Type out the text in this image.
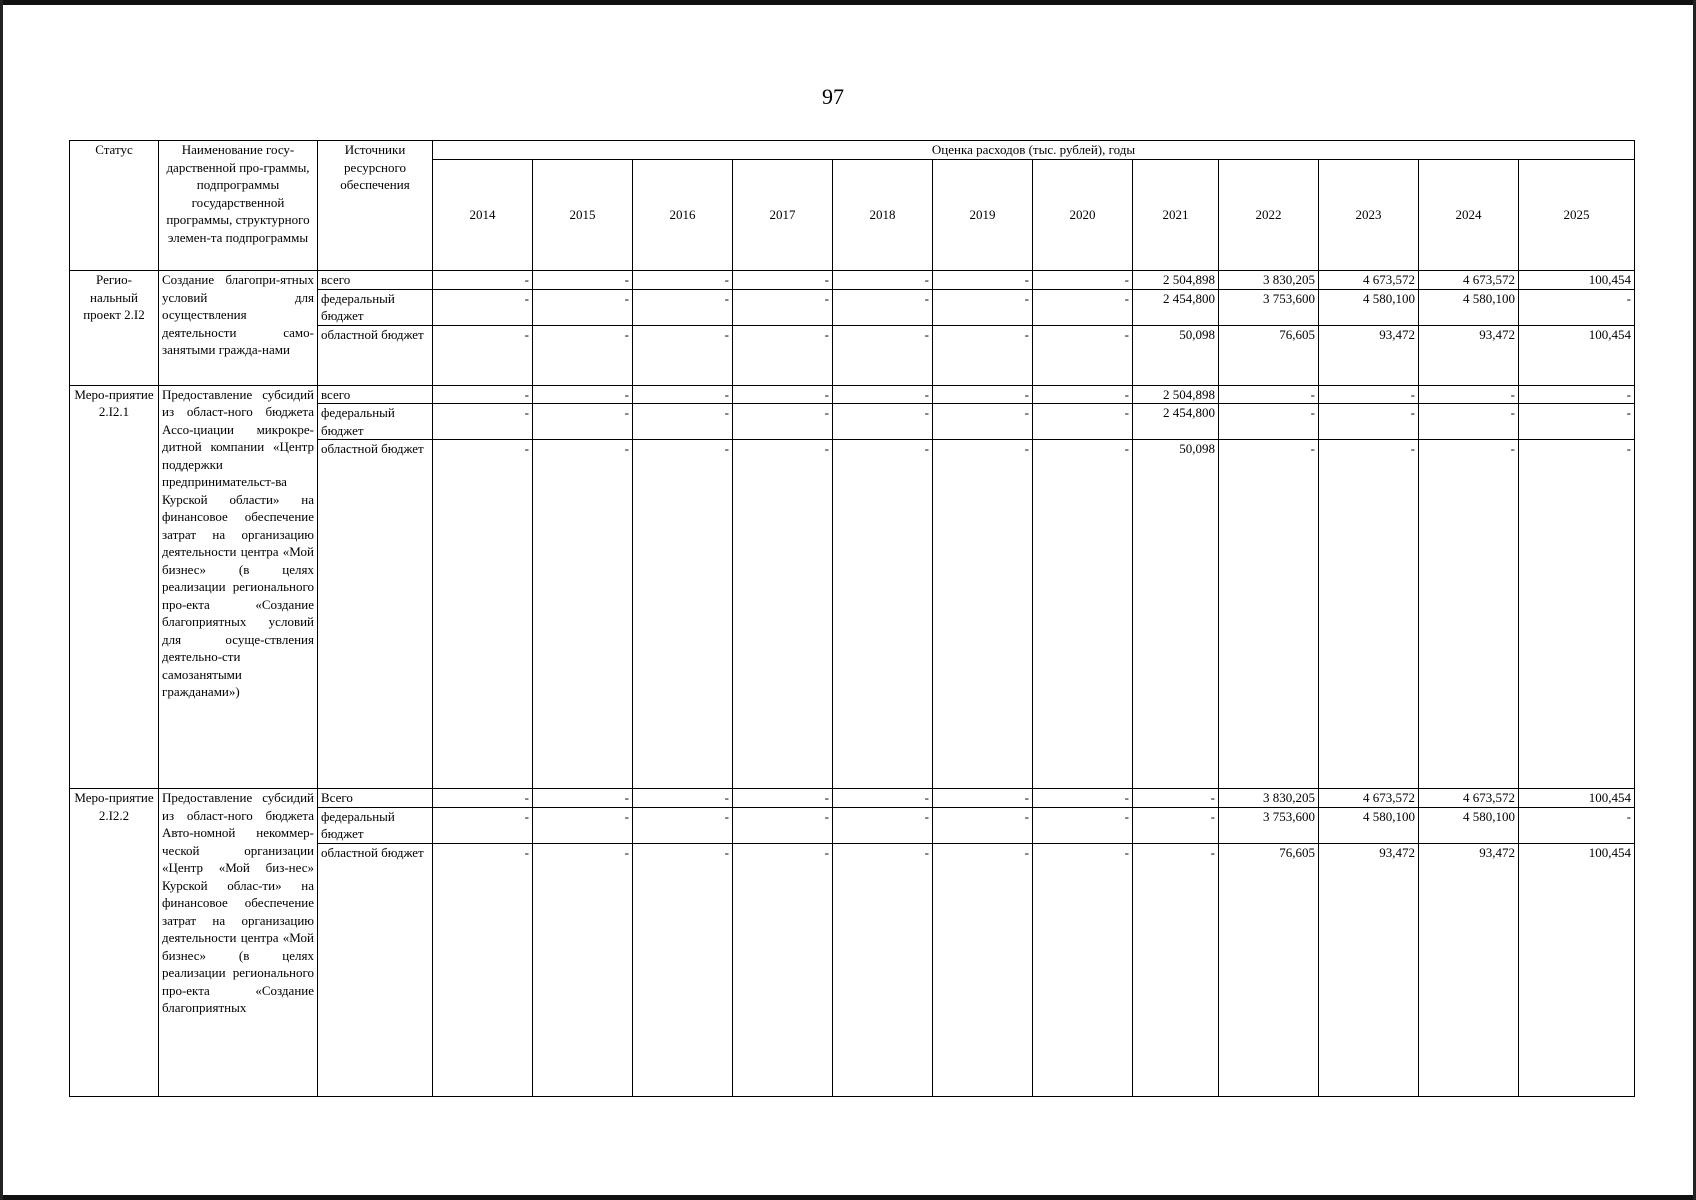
97
Статус	Наименование госу-дарственной про-граммы, подпрограммы государственной программы, структурного элемен-та подпрограммы	Источники ресурсного обеспечения	Оценка расходов (тыс. рублей), годы											
			2014	2015	2016	2017	2018	2019	2020	2021	2022	2023	2024	2025
Регио-нальный проект 2.I2	Создание благопри-ятных условий для осуществления деятельности само-занятыми гражда-нами	всего	-	-	-	-	-	-	-	2 504,898	3 830,205	4 673,572	4 673,572	100,454
		федеральный бюджет	-	-	-	-	-	-	-	2 454,800	3 753,600	4 580,100	4 580,100	-
		областной бюджет	-	-	-	-	-	-	-	50,098	76,605	93,472	93,472	100,454
Меро-приятие 2.I2.1	Предоставление субсидий из област-ного бюджета Ассо-циации микрокре-дитной компании «Центр поддержки предпринимательст-ва Курской области» на финансовое обеспечение затрат на организацию деятельности центра «Мой бизнес» (в целях реализации регионального про-екта «Создание благоприятных условий для осуще-ствления деятельно-сти самозанятыми гражданами»)	всего	-	-	-	-	-	-	-	2 504,898	-	-	-	-
		федеральный бюджет	-	-	-	-	-	-	-	2 454,800	-	-	-	-
		областной бюджет	-	-	-	-	-	-	-	50,098	-	-	-	-
Меро-приятие 2.I2.2	Предоставление субсидий из област-ного бюджета Авто-номной некоммер-ческой организации «Центр «Мой биз-нес» Курской облас-ти» на финансовое обеспечение затрат на организацию деятельности центра «Мой бизнес» (в целях реализации регионального про-екта «Создание благоприятных	Всего	-	-	-	-	-	-	-	-	3 830,205	4 673,572	4 673,572	100,454
		федеральный бюджет	-	-	-	-	-	-	-	-	3 753,600	4 580,100	4 580,100	-
		областной бюджет	-	-	-	-	-	-	-	-	76,605	93,472	93,472	100,454
